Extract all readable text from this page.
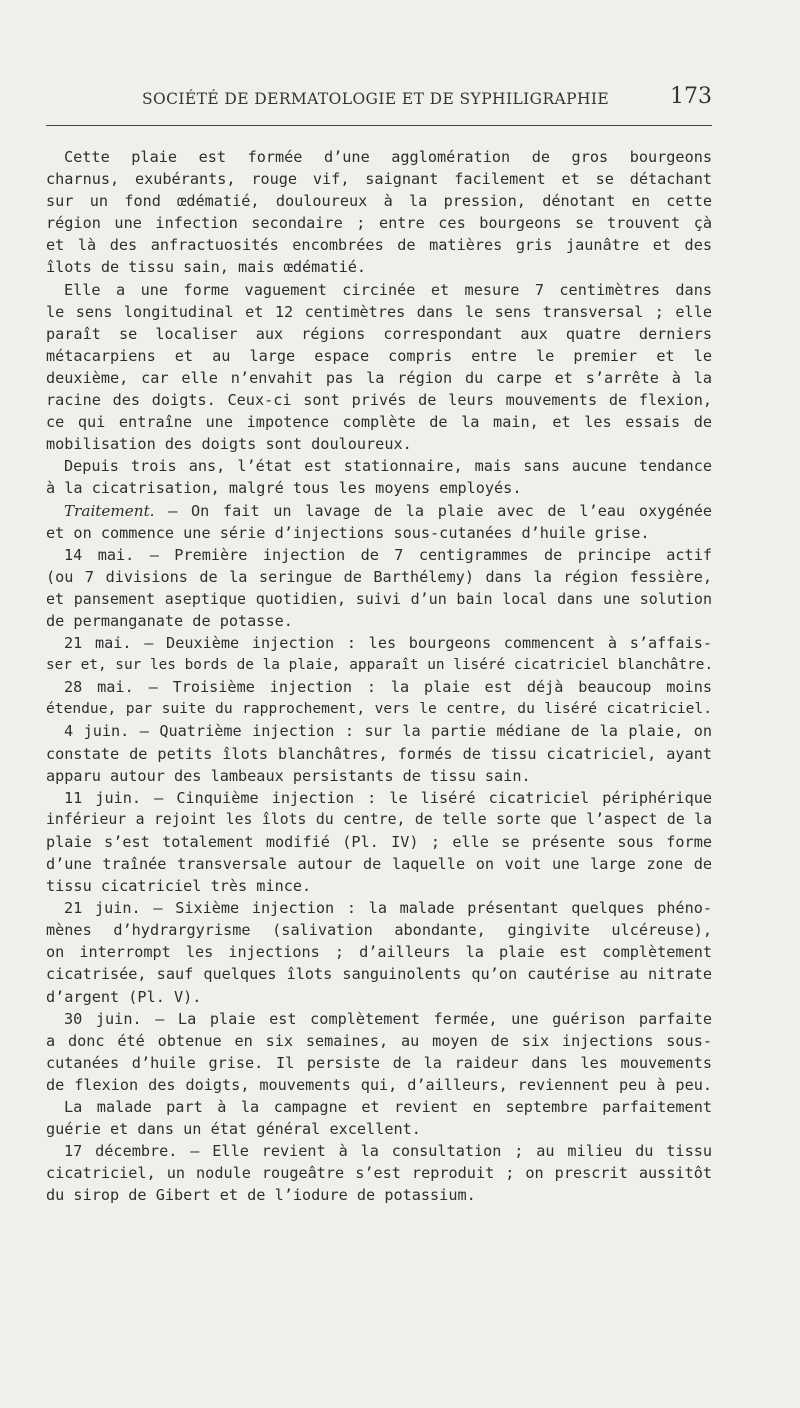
SOCIÉTÉ DE DERMATOLOGIE ET DE SYPHILIGRAPHIE	173
Cette plaie est formée d’une agglomération de gros bourgeons
charnus, exubérants, rouge vif, saignant facilement et se détachant
sur un fond œdématié, douloureux à la pression, dénotant en cette
région une infection secondaire ; entre ces bourgeons se trouvent çà
et là des anfractuosités encombrées de matières gris jaunâtre et des
îlots de tissu sain, mais œdématié.
Elle a une forme vaguement circinée et mesure 7 centimètres dans
le sens longitudinal et 12 centimètres dans le sens transversal ; elle
paraît se localiser aux régions correspondant aux quatre derniers
métacarpiens et au large espace compris entre le premier et le
deuxième, car elle n’envahit pas la région du carpe et s’arrête à la
racine des doigts. Ceux-ci sont privés de leurs mouvements de flexion,
ce qui entraîne une impotence complète de la main, et les essais de
mobilisation des doigts sont douloureux.
Depuis trois ans, l’état est stationnaire, mais sans aucune tendance
à la cicatrisation, malgré tous les moyens employés.
Traitement. — On fait un lavage de la plaie avec de l’eau oxygénée
et on commence une série d’injections sous-cutanées d’huile grise.
14 mai. — Première injection de 7 centigrammes de principe actif
(ou 7 divisions de la seringue de Barthélemy) dans la région fessière,
et pansement aseptique quotidien, suivi d’un bain local dans une solution
de permanganate de potasse.
21 mai. — Deuxième injection : les bourgeons commencent à s’affais-
ser et, sur les bords de la plaie, apparaît un liséré cicatriciel blanchâtre.
28 mai. — Troisième injection : la plaie est déjà beaucoup moins
étendue, par suite du rapprochement, vers le centre, du liséré cicatriciel.
4 juin. — Quatrième injection : sur la partie médiane de la plaie, on
constate de petits îlots blanchâtres, formés de tissu cicatriciel, ayant
apparu autour des lambeaux persistants de tissu sain.
11 juin. — Cinquième injection : le liséré cicatriciel périphérique
inférieur a rejoint les îlots du centre, de telle sorte que l’aspect de la
plaie s’est totalement modifié (Pl. IV) ; elle se présente sous forme
d’une traînée transversale autour de laquelle on voit une large zone de
tissu cicatriciel très mince.
21 juin. — Sixième injection : la malade présentant quelques phéno-
mènes d’hydrargyrisme (salivation abondante, gingivite ulcéreuse),
on interrompt les injections ; d’ailleurs la plaie est complètement
cicatrisée, sauf quelques îlots sanguinolents qu’on cautérise au nitrate
d’argent (Pl. V).
30 juin. — La plaie est complètement fermée, une guérison parfaite
a donc été obtenue en six semaines, au moyen de six injections sous-
cutanées d’huile grise. Il persiste de la raideur dans les mouvements
de flexion des doigts, mouvements qui, d’ailleurs, reviennent peu à peu.
La malade part à la campagne et revient en septembre parfaitement
guérie et dans un état général excellent.
17 décembre. — Elle revient à la consultation ; au milieu du tissu
cicatriciel, un nodule rougeâtre s’est reproduit ; on prescrit aussitôt
du sirop de Gibert et de l’iodure de potassium.
